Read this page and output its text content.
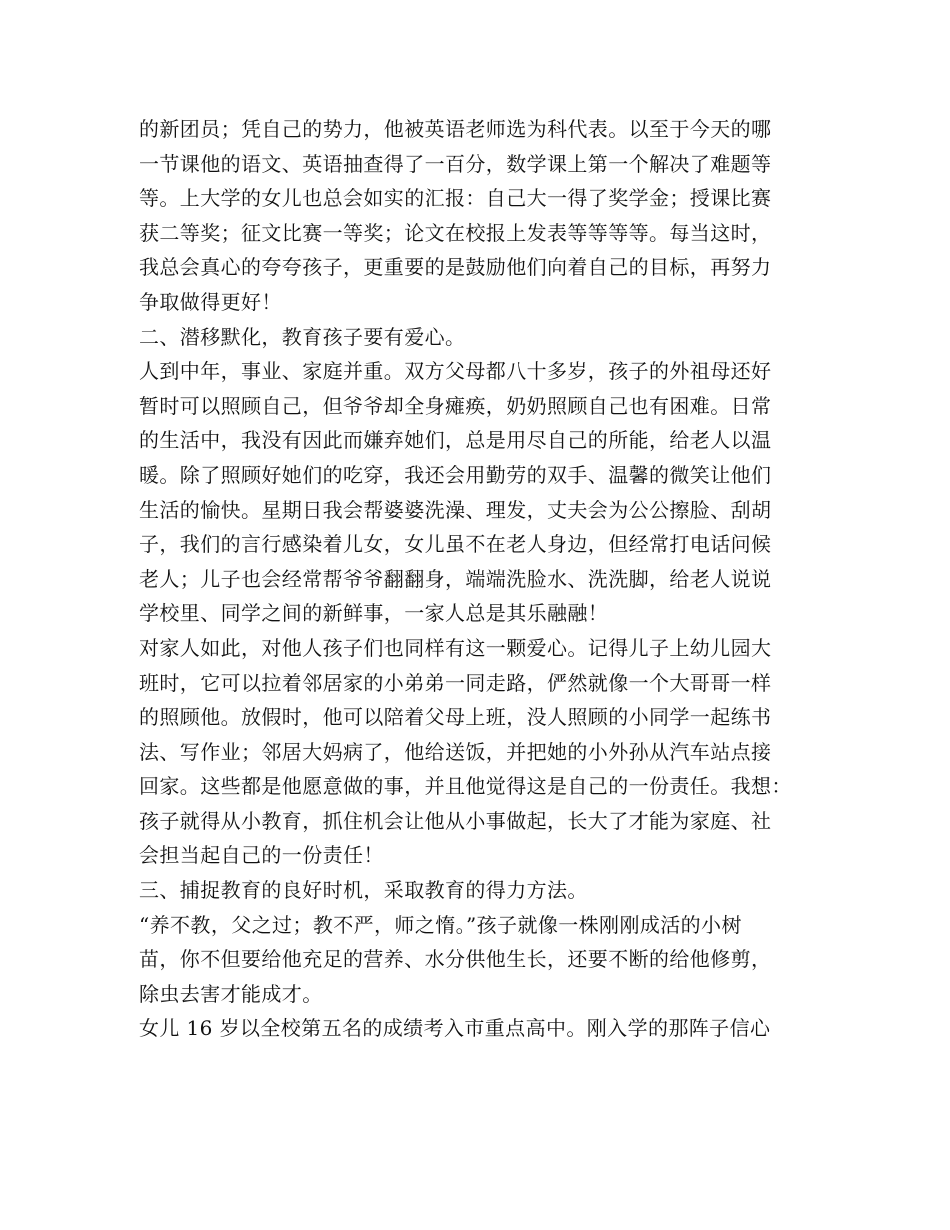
的新团员；凭自己的势力，他被英语老师选为科代表。以至于今天的哪
一节课他的语文、英语抽查得了一百分，数学课上第一个解决了难题等
等。上大学的女儿也总会如实的汇报：自己大一得了奖学金；授课比赛
获二等奖；征文比赛一等奖；论文在校报上发表等等等等。每当这时，
我总会真心的夸夸孩子，更重要的是鼓励他们向着自己的目标，再努力
争取做得更好！
二、潜移默化，教育孩子要有爱心。
人到中年，事业、家庭并重。双方父母都八十多岁，孩子的外祖母还好
暂时可以照顾自己，但爷爷却全身瘫痪，奶奶照顾自己也有困难。日常
的生活中，我没有因此而嫌弃她们，总是用尽自己的所能，给老人以温
暖。除了照顾好她们的吃穿，我还会用勤劳的双手、温馨的微笑让他们
生活的愉快。星期日我会帮婆婆洗澡、理发，丈夫会为公公擦脸、刮胡
子，我们的言行感染着儿女，女儿虽不在老人身边，但经常打电话问候
老人；儿子也会经常帮爷爷翻翻身，端端洗脸水、洗洗脚，给老人说说
学校里、同学之间的新鲜事，一家人总是其乐融融！
对家人如此，对他人孩子们也同样有这一颗爱心。记得儿子上幼儿园大
班时，它可以拉着邻居家的小弟弟一同走路，俨然就像一个大哥哥一样
的照顾他。放假时，他可以陪着父母上班，没人照顾的小同学一起练书
法、写作业；邻居大妈病了，他给送饭，并把她的小外孙从汽车站点接
回家。这些都是他愿意做的事，并且他觉得这是自己的一份责任。我想：
孩子就得从小教育，抓住机会让他从小事做起，长大了才能为家庭、社
会担当起自己的一份责任！
三、捕捉教育的良好时机，采取教育的得力方法。
“养不教，父之过；教不严，师之惰。”孩子就像一株刚刚成活的小树
苗，你不但要给他充足的营养、水分供他生长，还要不断的给他修剪，
除虫去害才能成才。
女儿 16 岁以全校第五名的成绩考入市重点高中。刚入学的那阵子信心
